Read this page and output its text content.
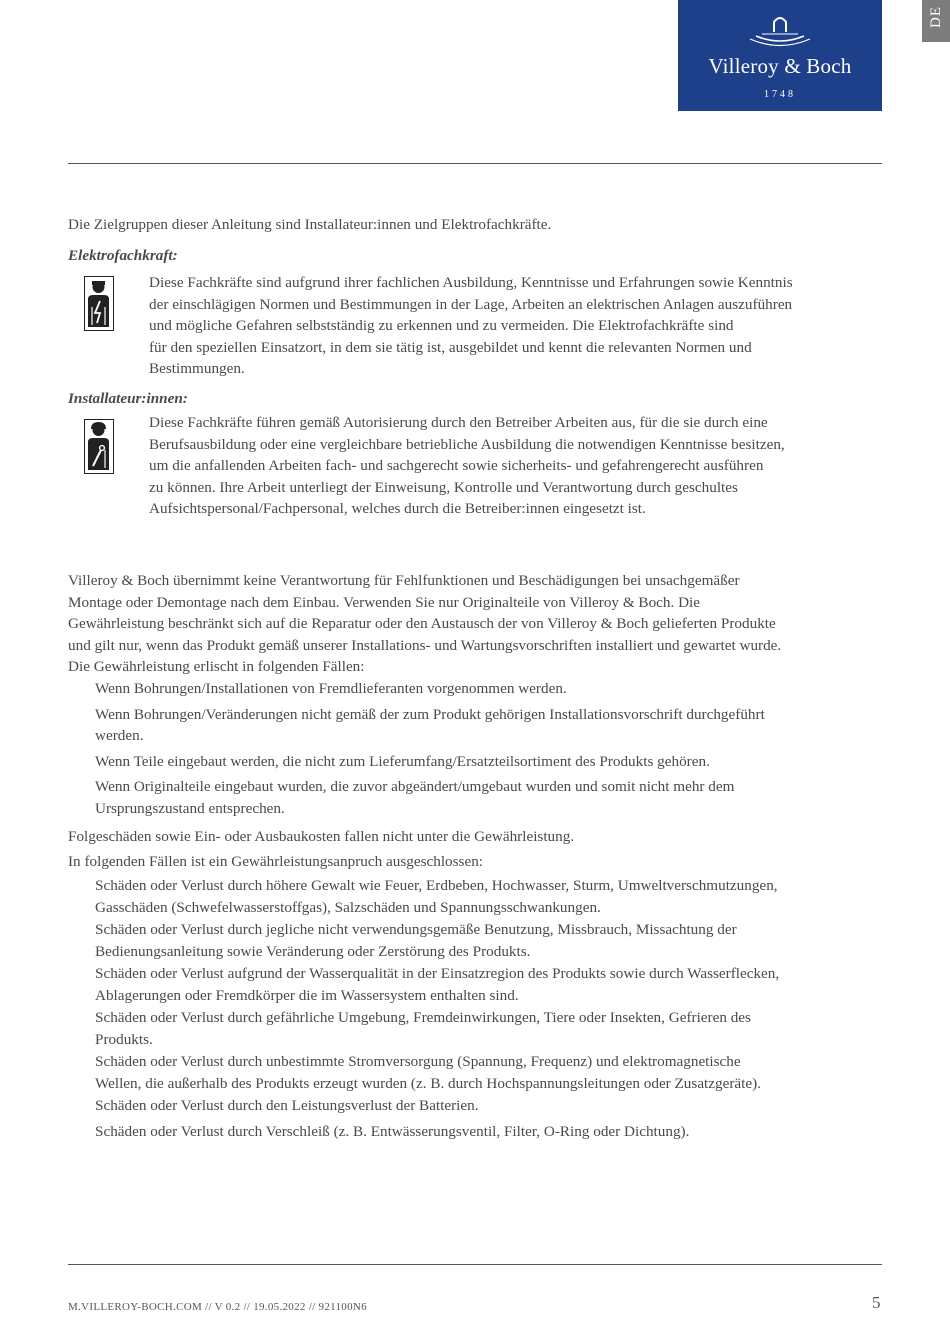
Villeroy & Boch
1748
DE

Die Zielgruppen dieser Anleitung sind Installateur:innen und Elektrofachkräfte.

Elektrofachkraft:

Diese Fachkräfte sind aufgrund ihrer fachlichen Ausbildung, Kenntnisse und Erfahrungen sowie Kenntnis
der einschlägigen Normen und Bestimmungen in der Lage, Arbeiten an elektrischen Anlagen auszuführen
und mögliche Gefahren selbstständig zu erkennen und zu vermeiden. Die Elektrofachkräfte sind
für den speziellen Einsatzort, in dem sie tätig ist, ausgebildet und kennt die relevanten Normen und
Bestimmungen.

Installateur:innen:

Diese Fachkräfte führen gemäß Autorisierung durch den Betreiber Arbeiten aus, für die sie durch eine
Berufsausbildung oder eine vergleichbare betriebliche Ausbildung die notwendigen Kenntnisse besitzen,
um die anfallenden Arbeiten fach- und sachgerecht sowie sicherheits- und gefahrengerecht ausführen
zu können. Ihre Arbeit unterliegt der Einweisung, Kontrolle und Verantwortung durch geschultes
Aufsichtspersonal/Fachpersonal, welches durch die Betreiber:innen eingesetzt ist.

Villeroy & Boch übernimmt keine Verantwortung für Fehlfunktionen und Beschädigungen bei unsachgemäßer
Montage oder Demontage nach dem Einbau. Verwenden Sie nur Originalteile von Villeroy & Boch. Die
Gewährleistung beschränkt sich auf die Reparatur oder den Austausch der von Villeroy & Boch gelieferten Produkte
und gilt nur, wenn das Produkt gemäß unserer Installations- und Wartungsvorschriften installiert und gewartet wurde.
Die Gewährleistung erlischt in folgenden Fällen:

Wenn Bohrungen/Installationen von Fremdlieferanten vorgenommen werden.
Wenn Bohrungen/Veränderungen nicht gemäß der zum Produkt gehörigen Installationsvorschrift durchgeführt
werden.
Wenn Teile eingebaut werden, die nicht zum Lieferumfang/Ersatzteilsortiment des Produkts gehören.
Wenn Originalteile eingebaut wurden, die zuvor abgeändert/umgebaut wurden und somit nicht mehr dem
Ursprungszustand entsprechen.

Folgeschäden sowie Ein- oder Ausbaukosten fallen nicht unter die Gewährleistung.

In folgenden Fällen ist ein Gewährleistungsanpruch ausgeschlossen:

Schäden oder Verlust durch höhere Gewalt wie Feuer, Erdbeben, Hochwasser, Sturm, Umweltverschmutzungen,
Gasschäden (Schwefelwasserstoffgas), Salzschäden und Spannungsschwankungen.
Schäden oder Verlust durch jegliche nicht verwendungsgemäße Benutzung, Missbrauch, Missachtung der
Bedienungsanleitung sowie Veränderung oder Zerstörung des Produkts.
Schäden oder Verlust aufgrund der Wasserqualität in der Einsatzregion des Produkts sowie durch Wasserflecken,
Ablagerungen oder Fremdkörper die im Wassersystem enthalten sind.
Schäden oder Verlust durch gefährliche Umgebung, Fremdeinwirkungen, Tiere oder Insekten, Gefrieren des
Produkts.
Schäden oder Verlust durch unbestimmte Stromversorgung (Spannung, Frequenz) und elektromagnetische
Wellen, die außerhalb des Produkts erzeugt wurden (z. B. durch Hochspannungsleitungen oder Zusatzgeräte).
Schäden oder Verlust durch den Leistungsverlust der Batterien.
Schäden oder Verlust durch Verschleiß (z. B. Entwässerungsventil, Filter, O-Ring oder Dichtung).
M.VILLEROY-BOCH.COM // V 0.2 // 19.05.2022 // 921100N6	5
